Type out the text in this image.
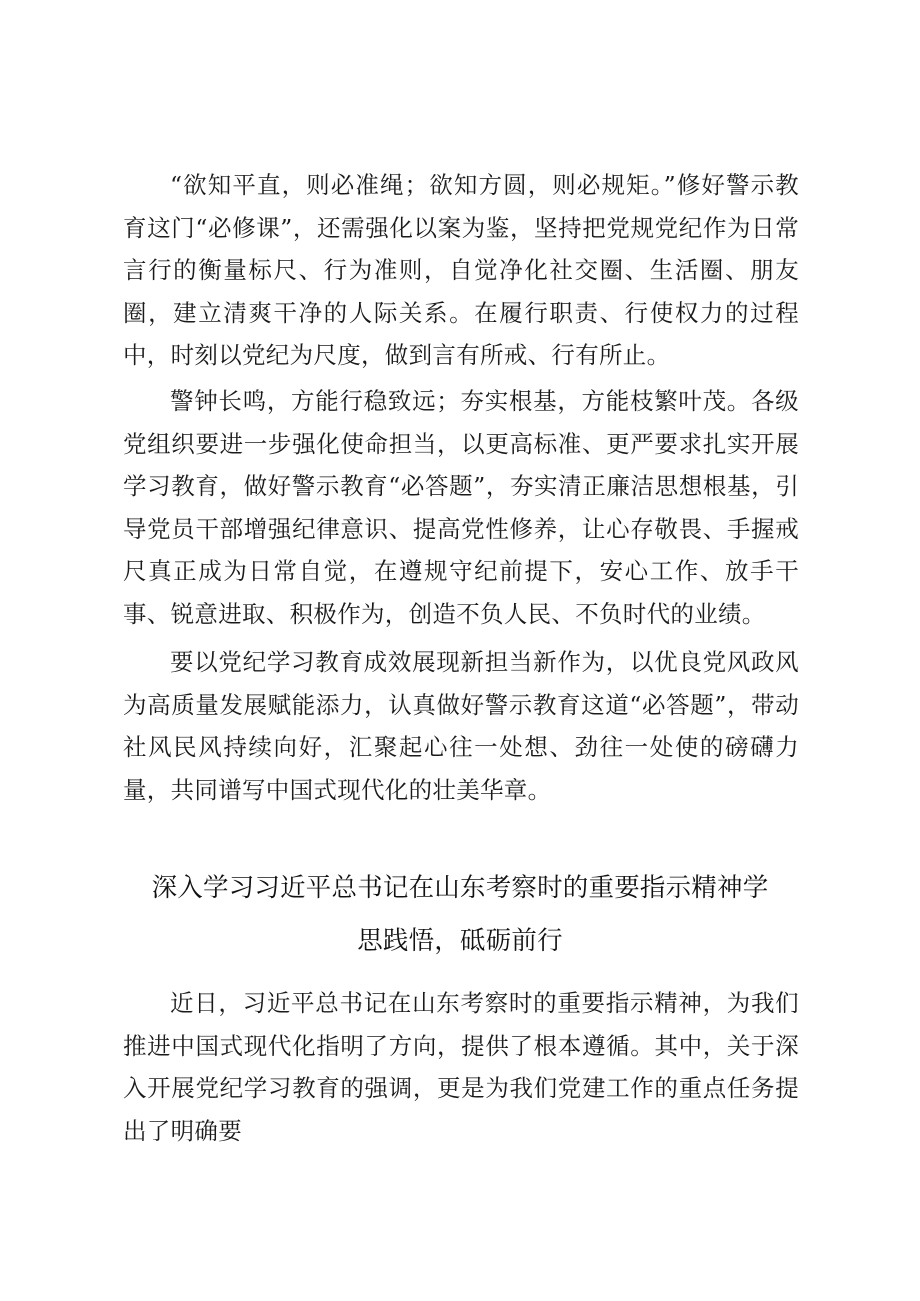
“欲知平直，则必准绳；欲知方圆，则必规矩。”修好警示教育这门“必修课”，还需强化以案为鉴，坚持把党规党纪作为日常言行的衡量标尺、行为准则，自觉净化社交圈、生活圈、朋友圈，建立清爽干净的人际关系。在履行职责、行使权力的过程中，时刻以党纪为尺度，做到言有所戒、行有所止。

警钟长鸣，方能行稳致远；夯实根基，方能枝繁叶茂。各级党组织要进一步强化使命担当，以更高标准、更严要求扎实开展学习教育，做好警示教育“必答题”，夯实清正廉洁思想根基，引导党员干部增强纪律意识、提高党性修养，让心存敬畏、手握戒尺真正成为日常自觉，在遵规守纪前提下，安心工作、放手干事、锐意进取、积极作为，创造不负人民、不负时代的业绩。

要以党纪学习教育成效展现新担当新作为，以优良党风政风为高质量发展赋能添力，认真做好警示教育这道“必答题”，带动社风民风持续向好，汇聚起心往一处想、劲往一处使的磅礴力量，共同谱写中国式现代化的壮美华章。

深入学习习近平总书记在山东考察时的重要指示精神学
思践悟，砥砺前行

近日，习近平总书记在山东考察时的重要指示精神，为我们推进中国式现代化指明了方向，提供了根本遵循。其中，关于深入开展党纪学习教育的强调，更是为我们党建工作的重点任务提出了明确要
